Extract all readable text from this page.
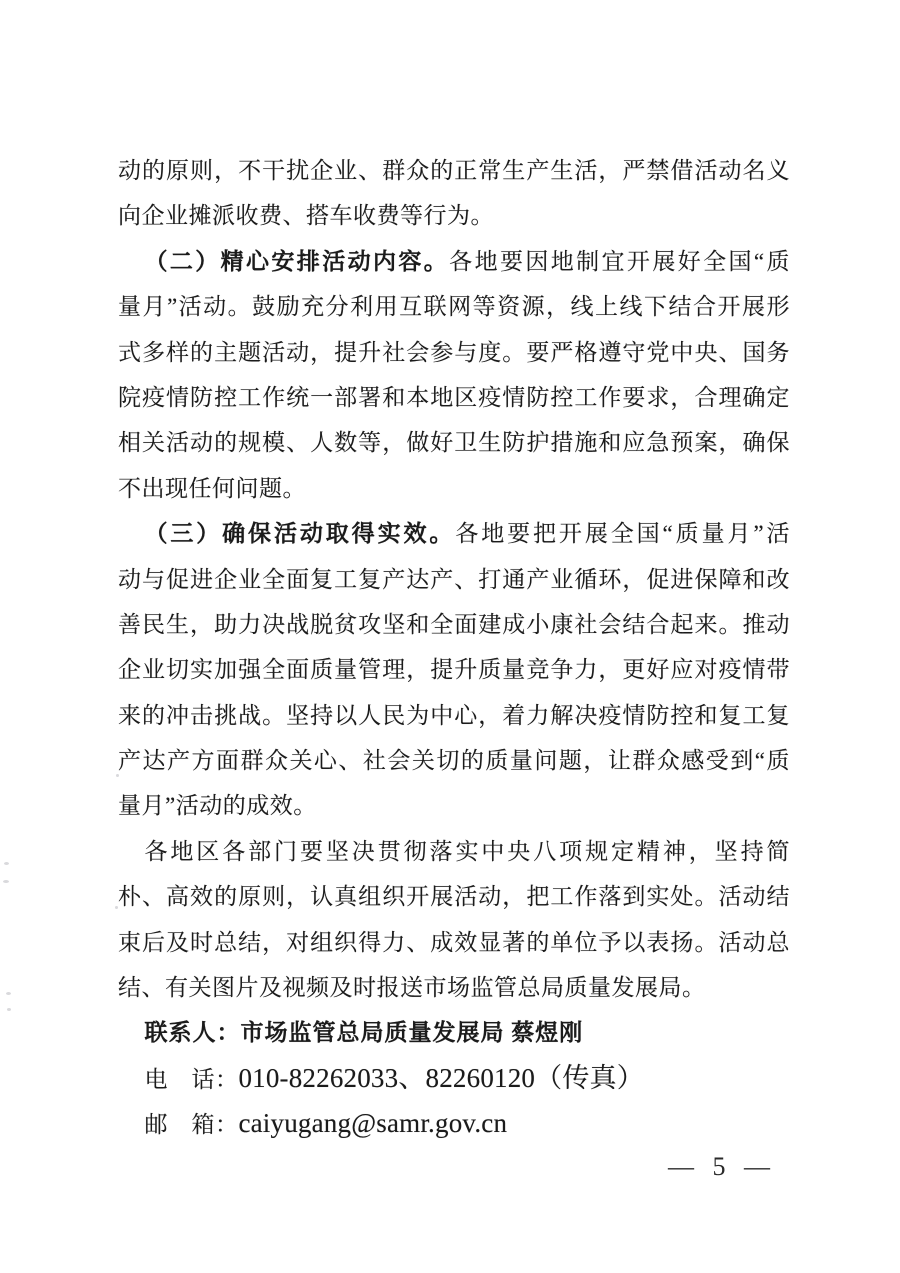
动的原则，不干扰企业、群众的正常生产生活，严禁借活动名义
向企业摊派收费、搭车收费等行为。
（二）精心安排活动内容。各地要因地制宜开展好全国“质
量月”活动。鼓励充分利用互联网等资源，线上线下结合开展形
式多样的主题活动，提升社会参与度。要严格遵守党中央、国务
院疫情防控工作统一部署和本地区疫情防控工作要求，合理确定
相关活动的规模、人数等，做好卫生防护措施和应急预案，确保
不出现任何问题。
（三）确保活动取得实效。各地要把开展全国“质量月”活
动与促进企业全面复工复产达产、打通产业循环，促进保障和改
善民生，助力决战脱贫攻坚和全面建成小康社会结合起来。推动
企业切实加强全面质量管理，提升质量竞争力，更好应对疫情带
来的冲击挑战。坚持以人民为中心，着力解决疫情防控和复工复
产达产方面群众关心、社会关切的质量问题，让群众感受到“质
量月”活动的成效。
各地区各部门要坚决贯彻落实中央八项规定精神，坚持简
朴、高效的原则，认真组织开展活动，把工作落到实处。活动结
束后及时总结，对组织得力、成效显著的单位予以表扬。活动总
结、有关图片及视频及时报送市场监管总局质量发展局。
联系人：市场监管总局质量发展局 蔡煜刚
电　话：010-82262033、82260120（传真）
邮　箱：caiyugang@samr.gov.cn
— 5 —
